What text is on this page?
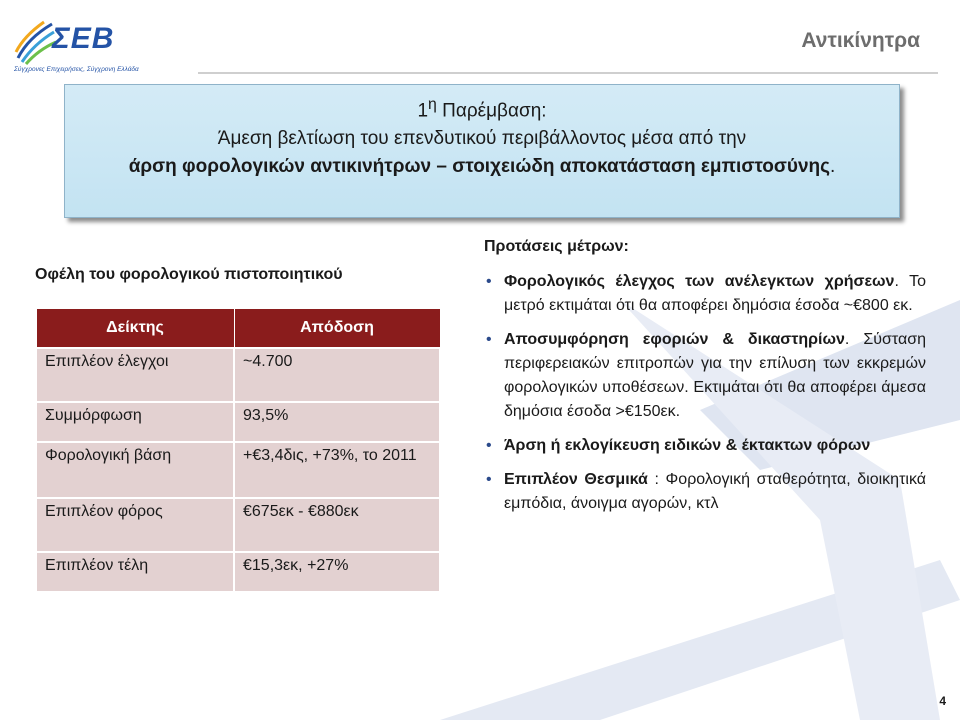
ΣΕΒ
Σύγχρονες Επιχειρήσεις, Σύγχρονη Ελλάδα
Αντικίνητρα
$1^\eta$ Παρέμβαση:
Άμεση βελτίωση του επενδυτικού περιβάλλοντος μέσα από την
άρση φορολογικών αντικινήτρων – στοιχειώδη αποκατάσταση εμπιστοσύνης.
Οφέλη του φορολογικού πιστοποιητικού
Δείκτης	Απόδοση
Επιπλέον έλεγχοι	~4.700
Συμμόρφωση	93,5%
Φορολογική βάση	+€3,4δις, +73%, το 2011
Επιπλέον φόρος	€675εκ - €880εκ
Επιπλέον τέλη	€15,3εκ, +27%
Προτάσεις μέτρων:
• Φορολογικός έλεγχος των ανέλεγκτων χρήσεων. Το μετρό εκτιμάται ότι θα αποφέρει δημόσια έσοδα ~€800 εκ.
• Αποσυμφόρηση εφοριών & δικαστηρίων. Σύσταση περιφερειακών επιτροπών για την επίλυση των εκκρεμών φορολογικών υποθέσεων. Εκτιμάται ότι θα αποφέρει άμεσα δημόσια έσοδα >€150εκ.
• Άρση ή εκλογίκευση ειδικών & έκτακτων φόρων
• Επιπλέον Θεσμικά : Φορολογική σταθερότητα, διοικητικά εμπόδια, άνοιγμα αγορών, κτλ
4
